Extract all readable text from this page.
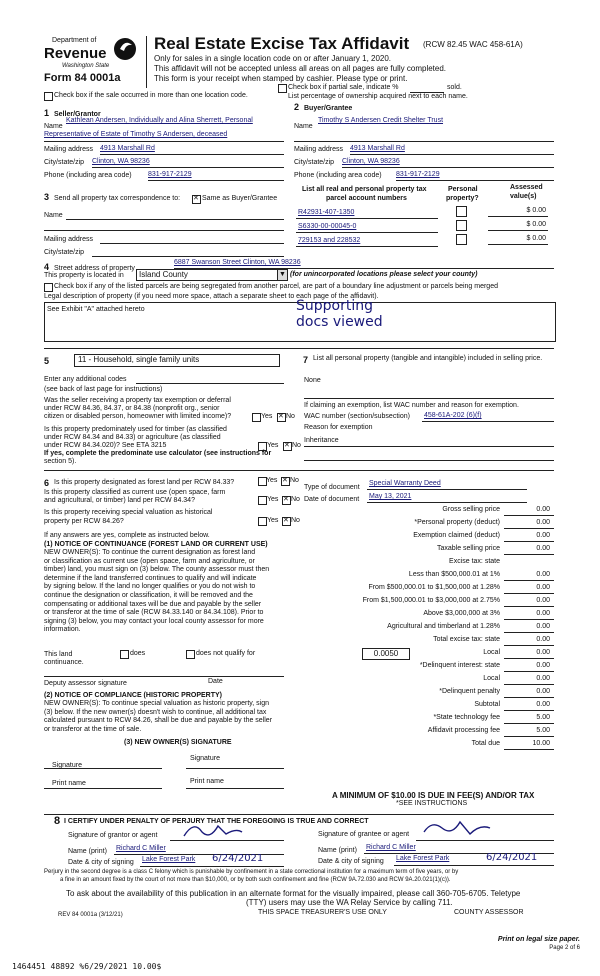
Department of
Revenue
Washington State
Form 84 0001a
Real Estate Excise Tax Affidavit (RCW 82.45 WAC 458-61A)
Only for sales in a single location code on or after January 1, 2020.
This affidavit will not be accepted unless all areas on all pages are fully completed.
This form is your receipt when stamped by cashier. Please type or print.
Check box if the sale occurred in more than one location code.
Check box if partial sale, indicate %	sold.
List percentage of ownership acquired next to each name.
1 Seller/Grantor
Name
Kathlean Andersen, Individually and Alina Sherrett, Personal
Representative of Estate of Timothy S Andersen, deceased
Mailing address 4913 Marshall Rd
City/state/zip Clinton, WA 98236
Phone (including area code) 831-917-2129
2 Buyer/Grantee
Name
Timothy S Andersen Credit Shelter Trust
Mailing address 4913 Marshall Rd
City/state/zip Clinton, WA 98236
Phone (including area code) 831-917-2129
3 Send all property tax correspondence to: ✕	Same as Buyer/Grantee
Name
Mailing address
City/state/zip
List all real and personal property tax
parcel account numbers
Personal
property?
Assessed
value(s)
R42931-407-1350	$ 0.00
S6330-00-00045-0	$ 0.00
729153 and 228532	$ 0.00
4 Street address of property
6887 Swanson Street Clinton, WA 98236
This property is located in Island County	▼ (for unincorporated locations please select your county)
Check box if any of the listed parcels are being segregated from another parcel, are part of a boundary line adjustment or parcels being merged
Legal description of property (if you need more space, attach a separate sheet to each page of the affidavit).
See Exhibit "A" attached hereto	Supporting
docs viewed
5	11 - Household, single family units
Enter any additional codes
(see back of last page for instructions)
Was the seller receiving a property tax exemption or deferral
under RCW 84.36, 84.37, or 84.38 (nonprofit org., senior
citizen or disabled person, homeowner with limited income)?	Yes ✕ No
Is this property predominately used for timber (as classified
under RCW 84.34 and 84.33) or agriculture (as classified
under RCW 84.34.020)? See ETA 3215	Yes ✕ No
If yes, complete the predominate use calculator (see instructions for
section 5).
7 List all personal property (tangible and intangible) included in selling price.
None
If claiming an exemption, list WAC number and reason for exemption.
WAC number (section/subsection) 458-61A-202 (6)(f)
Reason for exemption
Inheritance
6 Is this property designated as forest land per RCW 84.33?	Yes ✕ No
Is this property classified as current use (open space, farm
and agricultural, or timber) land per RCW 84.34?	Yes ✕ No
Is this property receiving special valuation as historical
property per RCW 84.26?	Yes ✕ No
If any answers are yes, complete as instructed below.
(1) NOTICE OF CONTINUANCE (FOREST LAND OR CURRENT USE)
NEW OWNER(S): To continue the current designation as forest land
or classification as current use (open space, farm and agriculture, or
timber) land, you must sign on (3) below. The county assessor must then
determine if the land transferred continues to qualify and will indicate
by signing below. If the land no longer qualifies or you do not wish to
continue the designation or classification, it will be removed and the
compensating or additional taxes will be due and payable by the seller
or transferor at the time of sale (RCW 84.33.140 or 84.34.108). Prior to
signing (3) below, you may contact your local county assessor for more
information.
This land
continuance.
does	does not qualify for
Deputy assessor signature	Date
(2) NOTICE OF COMPLIANCE (HISTORIC PROPERTY)
NEW OWNER(S): To continue special valuation as historic property, sign
(3) below. If the new owner(s) doesn't wish to continue, all additional tax
calculated pursuant to RCW 84.26, shall be due and payable by the seller
or transferor at the time of sale.
(3) NEW OWNER(S) SIGNATURE
Signature
Signature
Print name	Print name
Type of document
Special Warranty Deed
Date of document May 13, 2021
Gross selling price	0.00
*Personal property (deduct)	0.00
Exemption claimed (deduct)	0.00
Taxable selling price	0.00
Excise tax: state
Less than $500,000.01 at 1%	0.00
From $500,000.01 to $1,500,000 at 1.28%	0.00
From $1,500,000.01 to $3,000,000 at 2.75%	0.00
Above $3,000,000 at 3%	0.00
Agricultural and timberland at 1.28%	0.00
Total excise tax: state	0.00
Local	0.00
0.0050
*Delinquent interest: state	0.00
Local	0.00
*Delinquent penalty	0.00
Subtotal	0.00
*State technology fee	5.00
Affidavit processing fee	5.00
Total due	10.00
A MINIMUM OF $10.00 IS DUE IN FEE(S) AND/OR TAX
*SEE INSTRUCTIONS
8 I CERTIFY UNDER PENALTY OF PERJURY THAT THE FOREGOING IS TRUE AND CORRECT
Signature of grantor or agent
Name (print) Richard C Miller
Date & city of signing Lake Forest Park 6/24/2021
Signature of grantee or agent
Name (print) Richard C Miller
Date & city of signing Lake Forest Park	6/24/2021
Perjury in the second degree is a class C felony which is punishable by confinement in a state correctional institution for a maximum term of five years, or by
a fine in an amount fixed by the court of not more than $10,000, or by both such confinement and fine (RCW 9A.72.030 and RCW 9A.20.021(1)(c)).
To ask about the availability of this publication in an alternate format for the visually impaired, please call 360-705-6705. Teletype
(TTY) users may use the WA Relay Service by calling 711.
REV 84 0001a (3/12/21)	THIS SPACE TREASURER'S USE ONLY	COUNTY ASSESSOR
Print on legal size paper.
Page 2 of 6
1464451 48892 %6/29/2021 10.00$
